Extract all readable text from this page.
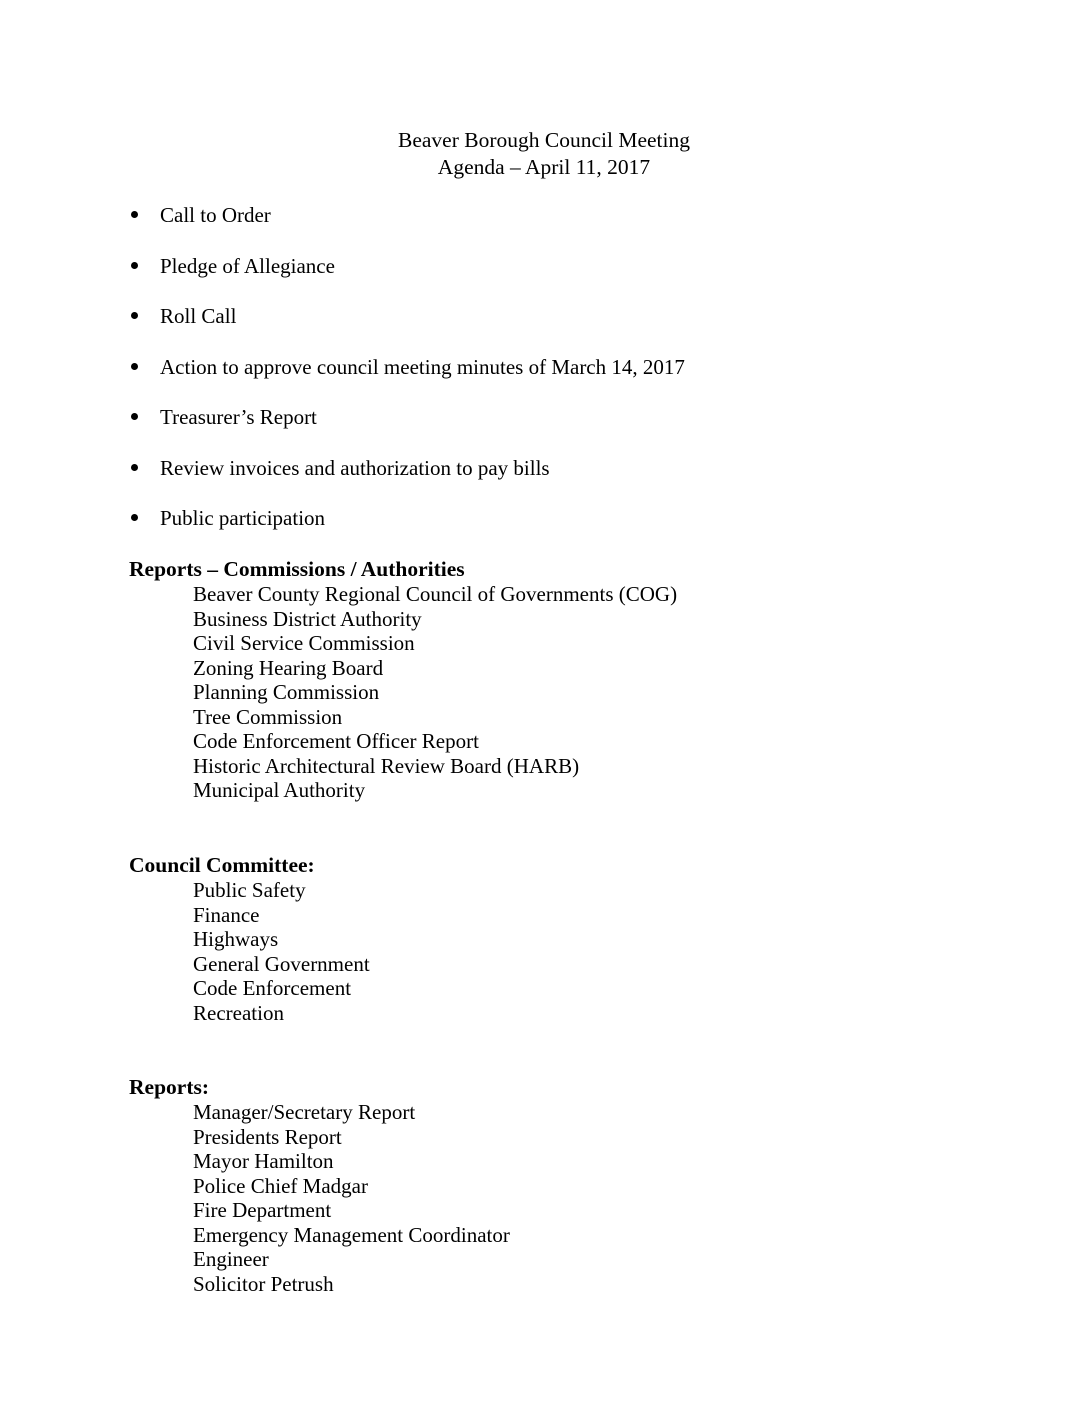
Beaver Borough Council Meeting
Agenda – April 11, 2017
Call to Order
Pledge of Allegiance
Roll Call
Action to approve council meeting minutes of March 14, 2017
Treasurer’s Report
Review invoices and authorization to pay bills
Public participation
Reports – Commissions / Authorities
Beaver County Regional Council of Governments (COG)
Business District Authority
Civil Service Commission
Zoning Hearing Board
Planning Commission
Tree Commission
Code Enforcement Officer Report
Historic Architectural Review Board (HARB)
Municipal Authority
Council Committee:
Public Safety
Finance
Highways
General Government
Code Enforcement
Recreation
Reports:
Manager/Secretary Report
Presidents Report
Mayor Hamilton
Police Chief Madgar
Fire Department
Emergency Management Coordinator
Engineer
Solicitor Petrush
